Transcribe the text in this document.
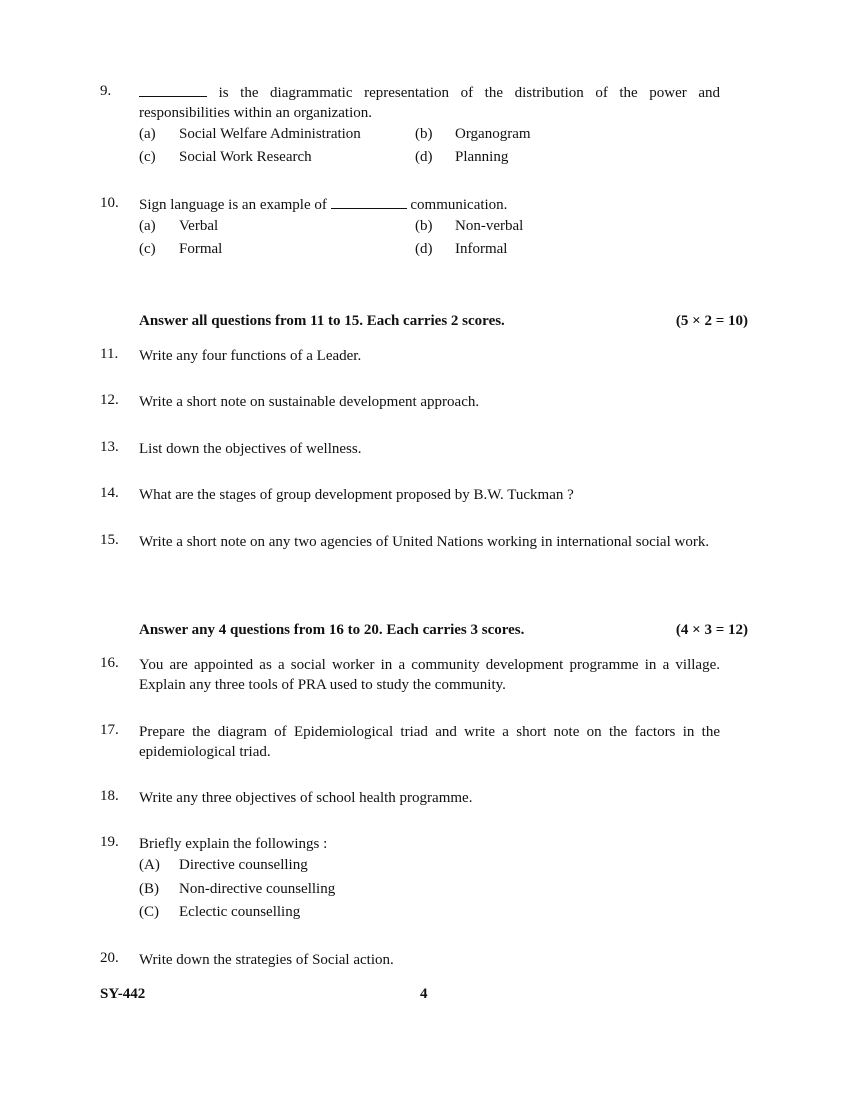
9.	is the diagrammatic representation of the distribution of the power and responsibilities within an organization.
(a) Social Welfare Administration	(b) Organogram
(c) Social Work Research	(d) Planning
10. Sign language is an example of	communication.
(a) Verbal	(b) Non-verbal
(c) Formal	(d) Informal
Answer all questions from 11 to 15. Each carries 2 scores.	(5 × 2 = 10)
11. Write any four functions of a Leader.
12. Write a short note on sustainable development approach.
13. List down the objectives of wellness.
14. What are the stages of group development proposed by B.W. Tuckman ?
15. Write a short note on any two agencies of United Nations working in international social work.
Answer any 4 questions from 16 to 20. Each carries 3 scores.	(4 × 3 = 12)
16. You are appointed as a social worker in a community development programme in a village. Explain any three tools of PRA used to study the community.
17. Prepare the diagram of Epidemiological triad and write a short note on the factors in the epidemiological triad.
18. Write any three objectives of school health programme.
19. Briefly explain the followings :
(A) Directive counselling
(B) Non-directive counselling
(C) Eclectic counselling
20. Write down the strategies of Social action.
SY-442	4
